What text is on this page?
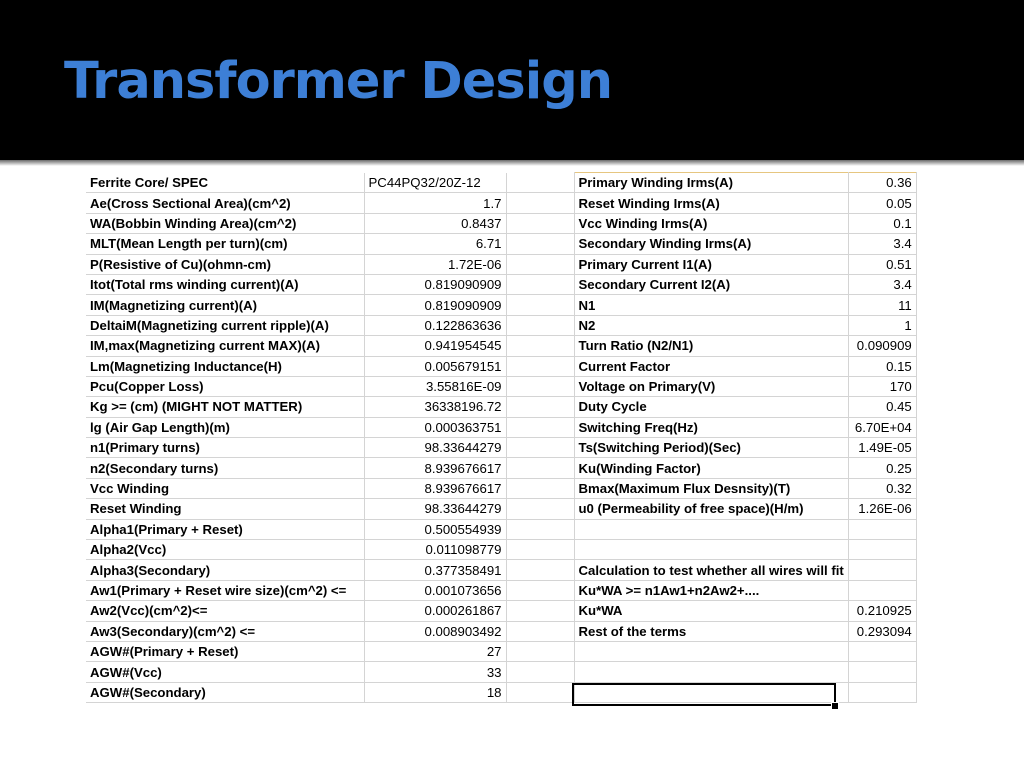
Transformer Design
Ferrite Core/ SPEC	PC44PQ32/20Z-12		Primary Winding Irms(A)	0.36
Ae(Cross Sectional Area)(cm^2)	1.7		Reset Winding Irms(A)	0.05
WA(Bobbin Winding Area)(cm^2)	0.8437		Vcc Winding Irms(A)	0.1
MLT(Mean Length per turn)(cm)	6.71		Secondary Winding Irms(A)	3.4
P(Resistive of Cu)(ohmn-cm)	1.72E-06		Primary Current I1(A)	0.51
Itot(Total rms winding current)(A)	0.819090909		Secondary Current I2(A)	3.4
IM(Magnetizing current)(A)	0.819090909		N1	11
DeltaiM(Magnetizing current ripple)(A)	0.122863636		N2	1
IM,max(Magnetizing current MAX)(A)	0.941954545		Turn Ratio (N2/N1)	0.090909
Lm(Magnetizing Inductance(H)	0.005679151		Current Factor	0.15
Pcu(Copper Loss)	3.55816E-09		Voltage on Primary(V)	170
Kg >= (cm) (MIGHT NOT MATTER)	36338196.72		Duty Cycle	0.45
lg (Air Gap Length)(m)	0.000363751		Switching Freq(Hz)	6.70E+04
n1(Primary turns)	98.33644279		Ts(Switching Period)(Sec)	1.49E-05
n2(Secondary turns)	8.939676617		Ku(Winding Factor)	0.25
Vcc Winding	8.939676617		Bmax(Maximum Flux Desnsity)(T)	0.32
Reset Winding	98.33644279		u0 (Permeability of free space)(H/m)	1.26E-06
Alpha1(Primary + Reset)	0.500554939			
Alpha2(Vcc)	0.011098779			
Alpha3(Secondary)	0.377358491		Calculation to test whether all wires will fit	
Aw1(Primary + Reset wire size)(cm^2) <=	0.001073656		Ku*WA >= n1Aw1+n2Aw2+....	
Aw2(Vcc)(cm^2)<=	0.000261867		Ku*WA	0.210925
Aw3(Secondary)(cm^2) <=	0.008903492		Rest of the terms	0.293094
AGW#(Primary + Reset)	27			
AGW#(Vcc)	33			
AGW#(Secondary)	18			
